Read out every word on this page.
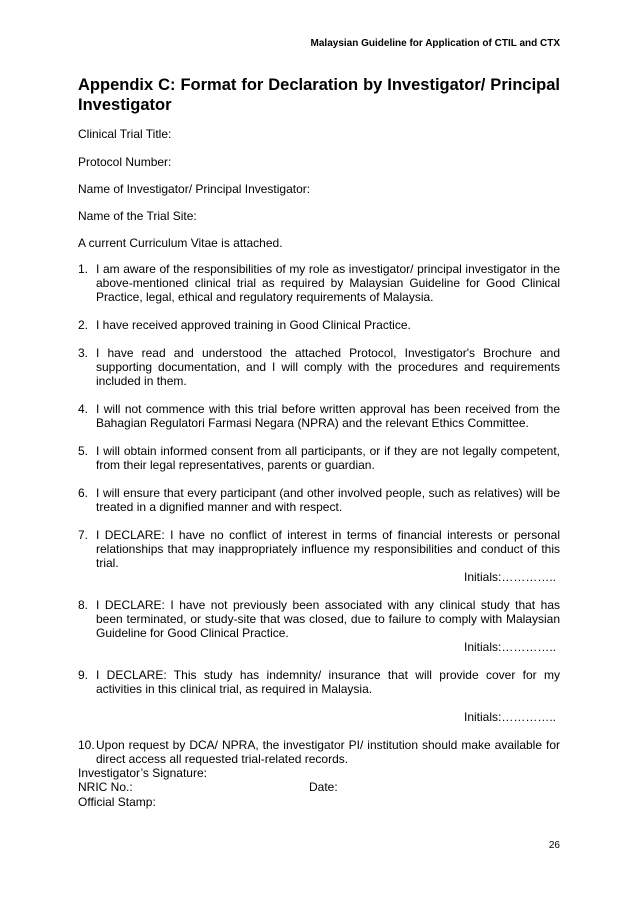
Malaysian Guideline for Application of CTIL and CTX
Appendix C: Format for Declaration by Investigator/ Principal
Investigator
Clinical Trial Title:
Protocol Number:
Name of Investigator/ Principal Investigator:
Name of the Trial Site:
A current Curriculum Vitae is attached.
1. I am aware of the responsibilities of my role as investigator/ principal investigator in the above-mentioned clinical trial as required by Malaysian Guideline for Good Clinical Practice, legal, ethical and regulatory requirements of Malaysia.
2. I have received approved training in Good Clinical Practice.
3. I have read and understood the attached Protocol, Investigator's Brochure and supporting documentation, and I will comply with the procedures and requirements included in them.
4. I will not commence with this trial before written approval has been received from the Bahagian Regulatori Farmasi Negara (NPRA) and the relevant Ethics Committee.
5. I will obtain informed consent from all participants, or if they are not legally competent, from their legal representatives, parents or guardian.
6. I will ensure that every participant (and other involved people, such as relatives) will be treated in a dignified manner and with respect.
7. I DECLARE: I have no conflict of interest in terms of financial interests or personal relationships that may inappropriately influence my responsibilities and conduct of this trial.
Initials:…………..
8. I DECLARE: I have not previously been associated with any clinical study that has been terminated, or study-site that was closed, due to failure to comply with Malaysian Guideline for Good Clinical Practice.
Initials:…………..
9. I DECLARE: This study has indemnity/ insurance that will provide cover for my activities in this clinical trial, as required in Malaysia.
Initials:…………..
10. Upon request by DCA/ NPRA, the investigator PI/ institution should make available for direct access all requested trial-related records.
Investigator’s Signature:
NRIC No.:	Date:
Official Stamp:
26
